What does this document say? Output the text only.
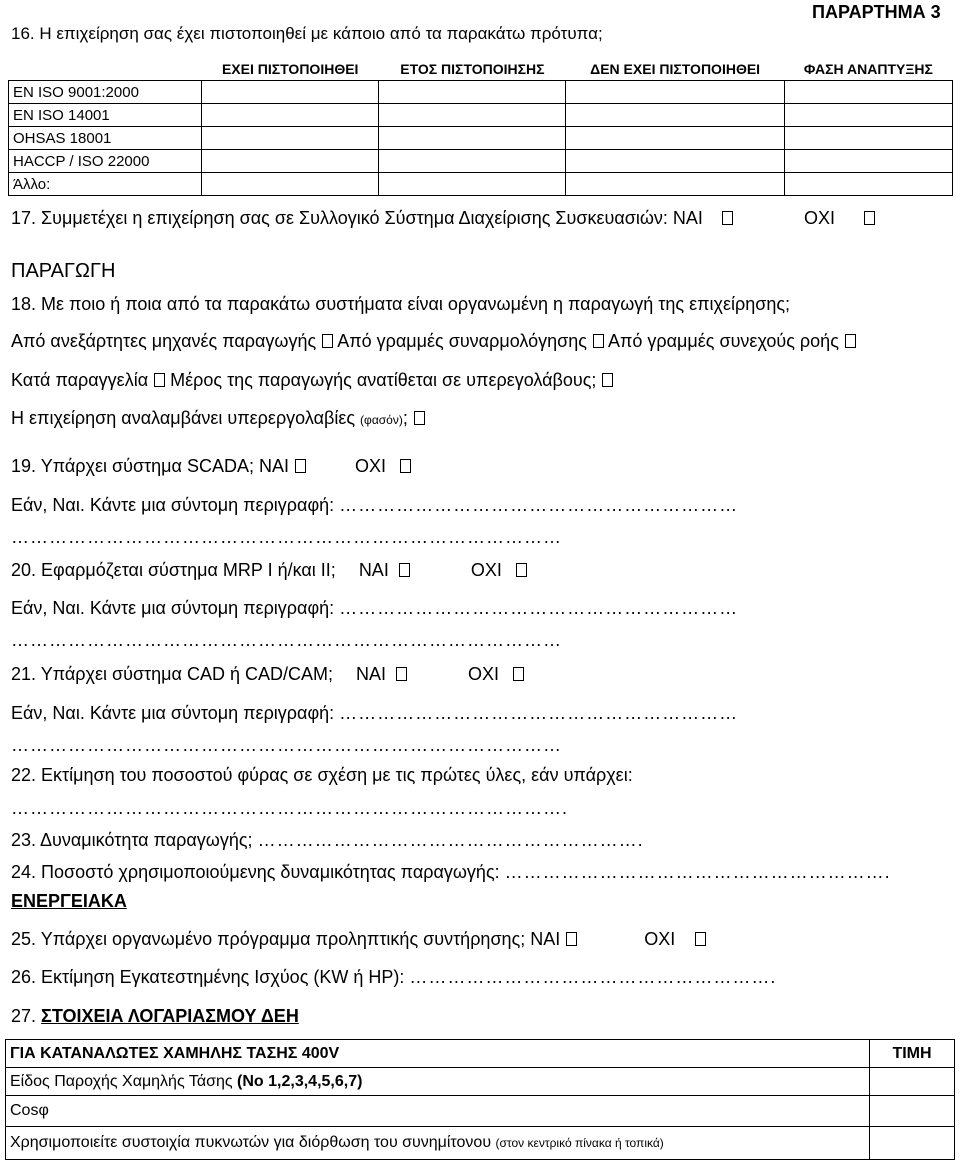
16. Η επιχείρηση σας έχει πιστοποιηθεί με κάποιο από τα παρακάτω πρότυπα;
ΠΑΡΑΡΤΗΜΑ 3
	ΕΧΕΙ ΠΙΣΤΟΠΟΙΗΘΕΙ	ΕΤΟΣ ΠΙΣΤΟΠΟΙΗΣΗΣ	ΔΕΝ ΕΧΕΙ ΠΙΣΤΟΠΟΙΗΘΕΙ	ΦΑΣΗ ΑΝΑΠΤΥΞΗΣ
EN ISO 9001:2000				
EN ISO 14001				
OHSAS 18001				
HACCP / ISO 22000				
Άλλο:				
17. Συμμετέχει η επιχείρηση σας σε Συλλογικό Σύστημα Διαχείρισης Συσκευασιών: ΝΑΙ	ΟΧΙ
ΠΑΡΑΓΩΓΗ
18. Με ποιο ή ποια από τα παρακάτω συστήματα είναι οργανωμένη η παραγωγή της επιχείρησης;
Από ανεξάρτητες μηχανές παραγωγής Από γραμμές συναρμολόγησης Από γραμμές συνεχούς ροής
Κατά παραγγελία Μέρος της παραγωγής ανατίθεται σε υπερεγολάβους;
Η επιχείρηση αναλαμβάνει υπερεργολαβίες (φασόν);
19. Υπάρχει σύστημα SCADA; ΝΑΙ	ΟΧΙ
Εάν, Ναι. Κάντε μια σύντομη περιγραφή: ………………………………………………………
……………………………………………………………………………
20. Εφαρμόζεται σύστημα MRP I ή/και ΙΙ; ΝΑΙ	ΟΧΙ
Εάν, Ναι. Κάντε μια σύντομη περιγραφή: ………………………………………………………
……………………………………………………………………………
21. Υπάρχει σύστημα CAD ή CAD/CAM; ΝΑΙ	ΟΧΙ
Εάν, Ναι. Κάντε μια σύντομη περιγραφή: ………………………………………………………
……………………………………………………………………………
22. Εκτίμηση του ποσοστού φύρας σε σχέση με τις πρώτες ύλες, εάν υπάρχει:
…………………………………………………………………………….
23. Δυναμικότητα παραγωγής; …………………………………………………….
24. Ποσοστό χρησιμοποιούμενης δυναμικότητας παραγωγής: …………………………………………………….
ΕΝΕΡΓΕΙΑΚΑ
25. Υπάρχει οργανωμένο πρόγραμμα προληπτικής συντήρησης; ΝΑΙ	ΟΧΙ
26. Εκτίμηση Εγκατεστημένης Ισχύος (KW ή HP): ………………………………………………….
27. ΣΤΟΙΧΕΙΑ ΛΟΓΑΡΙΑΣΜΟΥ ΔΕΗ
ΓΙΑ ΚΑΤΑΝΑΛΩΤΕΣ ΧΑΜΗΛΗΣ ΤΑΣΗΣ 400V	ΤΙΜΗ
Είδος Παροχής Χαμηλής Τάσης (Νο 1,2,3,4,5,6,7)	
Cosφ	
Χρησιμοποιείτε συστοιχία πυκνωτών για διόρθωση του συνημίτονου (στον κεντρικό πίνακα ή τοπικά)	
